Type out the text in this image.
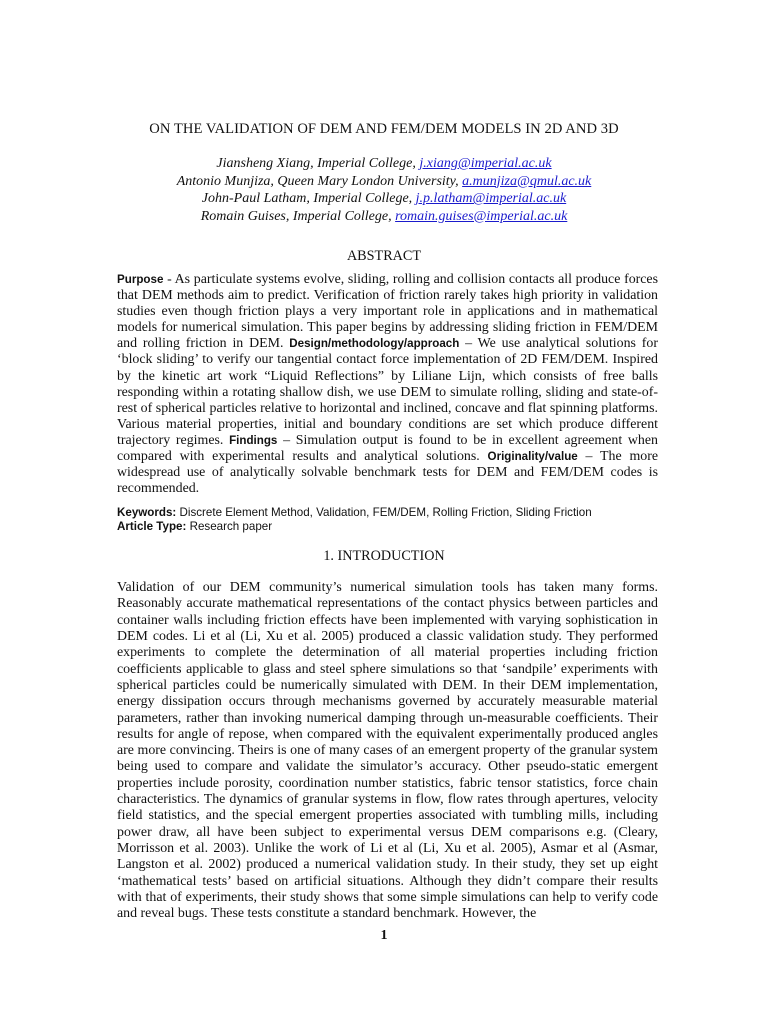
ON THE VALIDATION OF DEM AND FEM/DEM MODELS IN 2D AND 3D
Jiansheng Xiang, Imperial College, j.xiang@imperial.ac.uk
Antonio Munjiza, Queen Mary London University, a.munjiza@qmul.ac.uk
John-Paul Latham, Imperial College, j.p.latham@imperial.ac.uk
Romain Guises, Imperial College, romain.guises@imperial.ac.uk
ABSTRACT

Purpose - As particulate systems evolve, sliding, rolling and collision contacts all produce forces that DEM methods aim to predict. Verification of friction rarely takes high priority in validation studies even though friction plays a very important role in applications and in mathematical models for numerical simulation. This paper begins by addressing sliding friction in FEM/DEM and rolling friction in DEM. Design/methodology/approach – We use analytical solutions for ‘block sliding’ to verify our tangential contact force implementation of 2D FEM/DEM. Inspired by the kinetic art work “Liquid Reflections” by Liliane Lijn, which consists of free balls responding within a rotating shallow dish, we use DEM to simulate rolling, sliding and state-of-rest of spherical particles relative to horizontal and inclined, concave and flat spinning platforms. Various material properties, initial and boundary conditions are set which produce different trajectory regimes. Findings – Simulation output is found to be in excellent agreement when compared with experimental results and analytical solutions. Originality/value – The more widespread use of analytically solvable benchmark tests for DEM and FEM/DEM codes is recommended.

Keywords: Discrete Element Method, Validation, FEM/DEM, Rolling Friction, Sliding Friction
Article Type: Research paper
1. INTRODUCTION

Validation of our DEM community’s numerical simulation tools has taken many forms. Reasonably accurate mathematical representations of the contact physics between particles and container walls including friction effects have been implemented with varying sophistication in DEM codes. Li et al (Li, Xu et al. 2005) produced a classic validation study. They performed experiments to complete the determination of all material properties including friction coefficients applicable to glass and steel sphere simulations so that ‘sandpile’ experiments with spherical particles could be numerically simulated with DEM. In their DEM implementation, energy dissipation occurs through mechanisms governed by accurately measurable material parameters, rather than invoking numerical damping through un-measurable coefficients. Their results for angle of repose, when compared with the equivalent experimentally produced angles are more convincing. Theirs is one of many cases of an emergent property of the granular system being used to compare and validate the simulator’s accuracy. Other pseudo-static emergent properties include porosity, coordination number statistics, fabric tensor statistics, force chain characteristics. The dynamics of granular systems in flow, flow rates through apertures, velocity field statistics, and the special emergent properties associated with tumbling mills, including power draw, all have been subject to experimental versus DEM comparisons e.g. (Cleary, Morrisson et al. 2003). Unlike the work of Li et al (Li, Xu et al. 2005), Asmar et al (Asmar, Langston et al. 2002) produced a numerical validation study. In their study, they set up eight ‘mathematical tests’ based on artificial situations. Although they didn’t compare their results with that of experiments, their study shows that some simple simulations can help to verify code and reveal bugs. These tests constitute a standard benchmark. However, the

1
